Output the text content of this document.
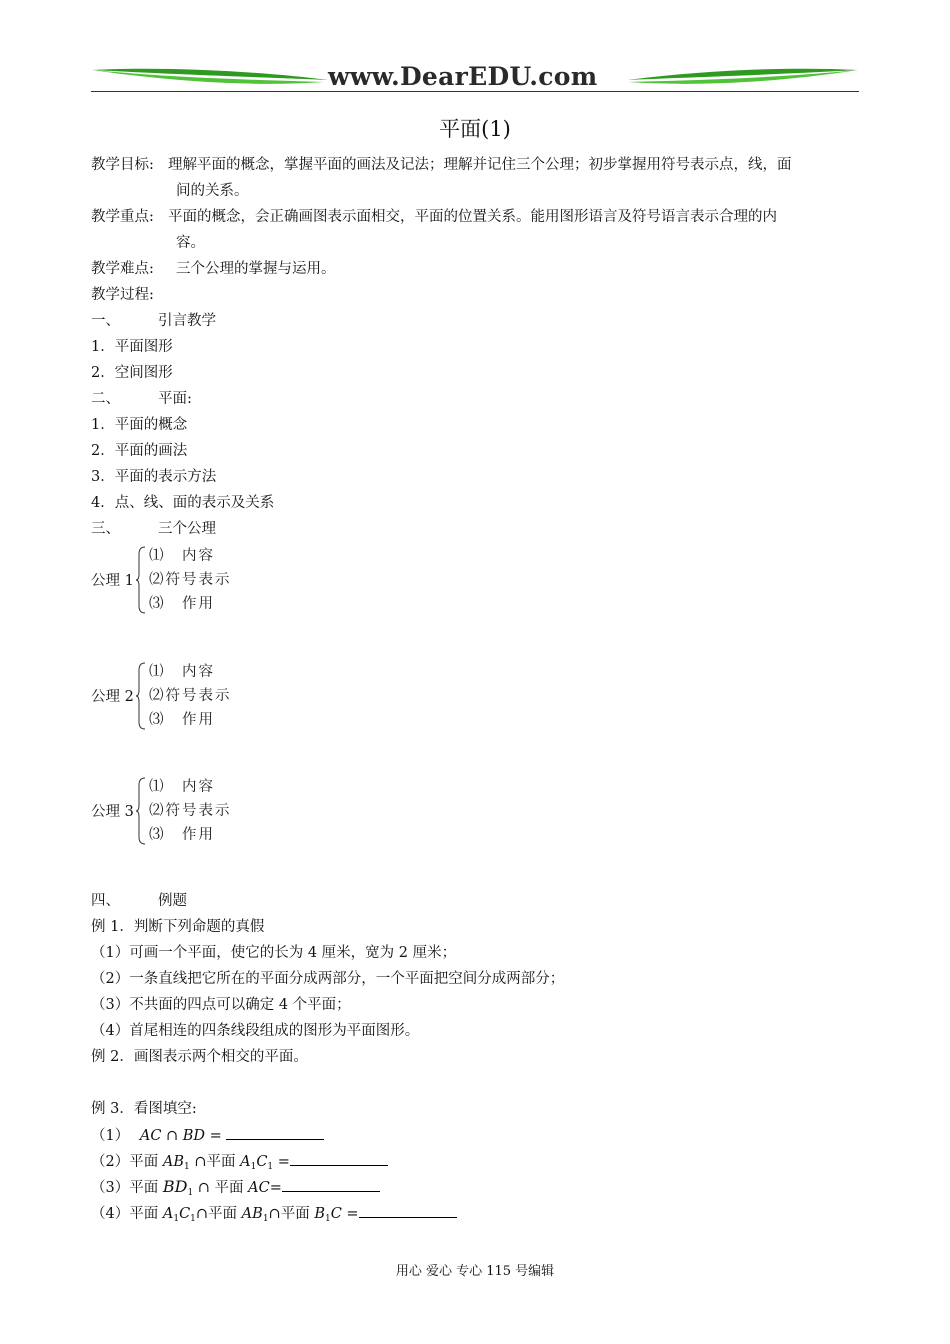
www.DearEDU.com
平面(1)
教学目标: 理解平面的概念，掌握平面的画法及记法；理解并记住三个公理；初步掌握用符号表示点，线，面
间的关系。
教学重点: 平面的概念，会正确画图表示面相交，平面的位置关系。能用图形语言及符号语言表示合理的内
容。
教学难点: 三个公理的掌握与运用。
教学过程:
一、	引言教学
1．平面图形
2．空间图形
二、	平面:
1．平面的概念
2．平面的画法
3．平面的表示方法
4．点、线、面的表示及关系
三、	三个公理
公理 1
⑴　内容
⑵符号表示
⑶　作用
公理 2
⑴　内容
⑵符号表示
⑶　作用
公理 3
⑴　内容
⑵符号表示
⑶　作用
四、	例题
例 1．判断下列命题的真假
（1）可画一个平面，使它的长为 4 厘米，宽为 2 厘米；
（2）一条直线把它所在的平面分成两部分，一个平面把空间分成两部分；
（3）不共面的四点可以确定 4 个平面；
（4）首尾相连的四条线段组成的图形为平面图形。
例 2．画图表示两个相交的平面。
例 3．看图填空:
（1） AC ∩ BD =
（2）平面 $AB_1$ ∩平面 $A_1C_1$ =
（3）平面 $BD_1$ ∩ 平面 AC=
（4）平面 $A_1C_1\cap$平面 $AB_1\cap$平面 $B_1C$ =
用心 爱心 专心 115 号编辑
